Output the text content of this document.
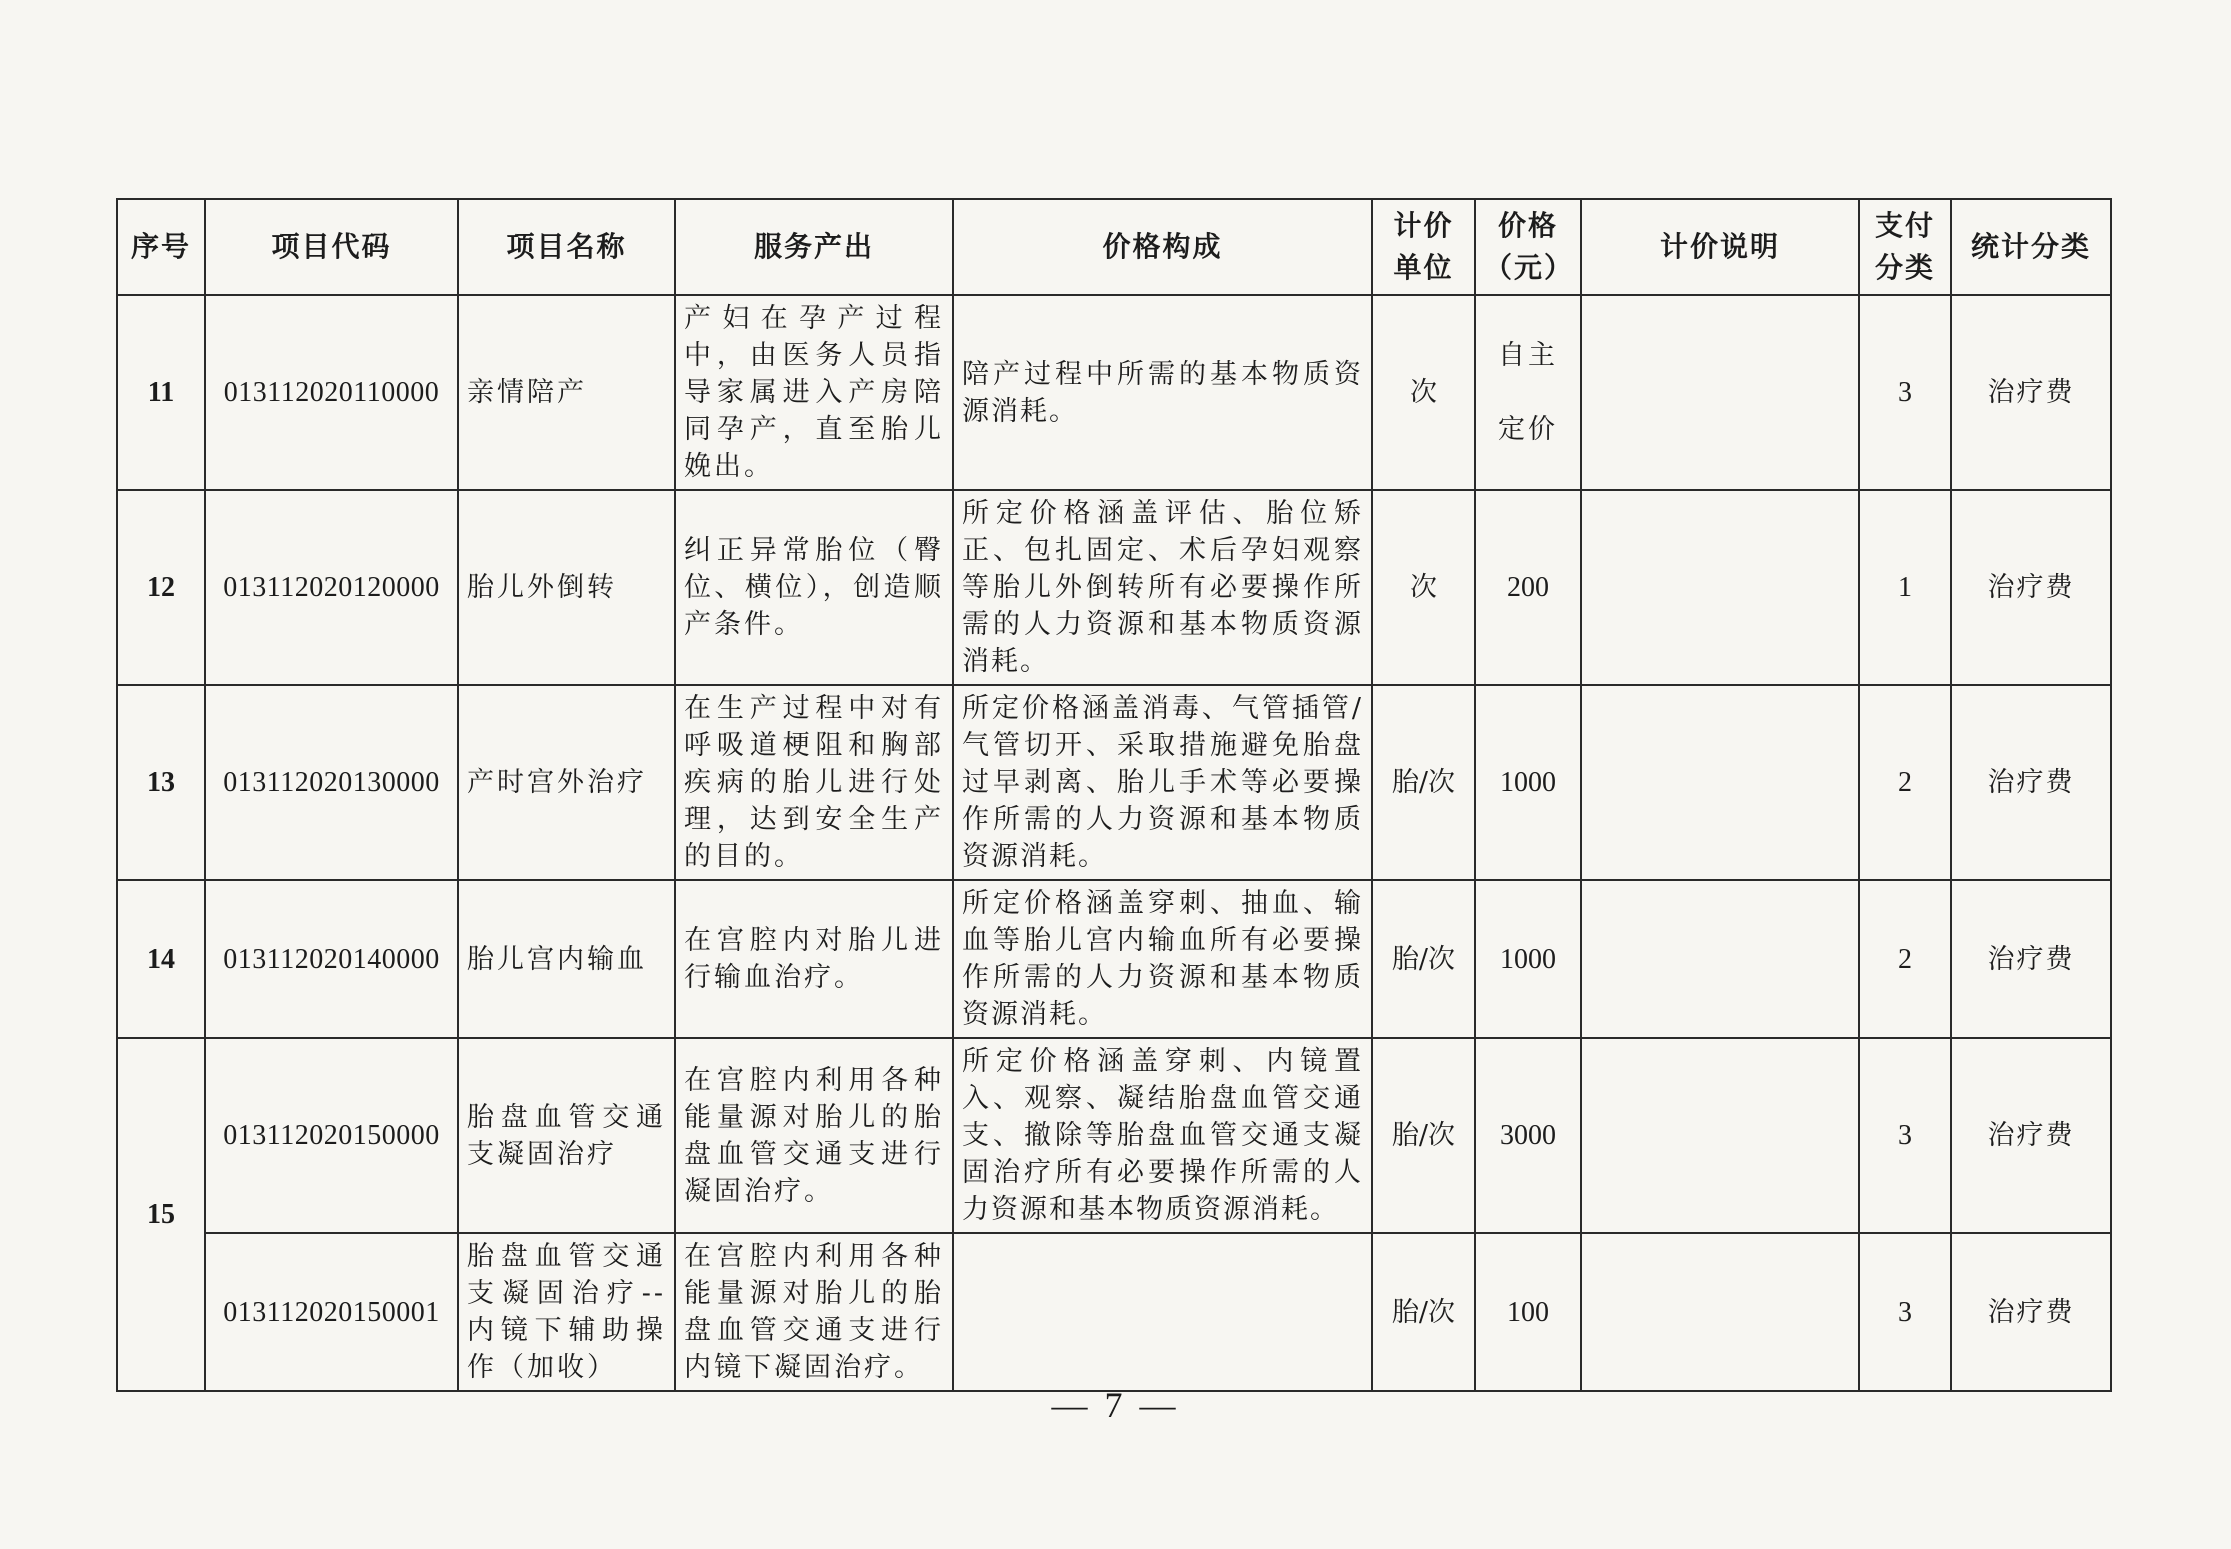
序号	项目代码	项目名称	服务产出	价格构成	计价单位	价格（元）	计价说明	支付分类	统计分类
11	013112020110000	亲情陪产	产妇在孕产过程中，由医务人员指导家属进入产房陪同孕产，直至胎儿娩出。	陪产过程中所需的基本物质资源消耗。	次	自主定价		3	治疗费
12	013112020120000	胎儿外倒转	纠正异常胎位（臀位、横位），创造顺产条件。	所定价格涵盖评估、胎位矫正、包扎固定、术后孕妇观察等胎儿外倒转所有必要操作所需的人力资源和基本物质资源消耗。	次	200		1	治疗费
13	013112020130000	产时宫外治疗	在生产过程中对有呼吸道梗阻和胸部疾病的胎儿进行处理，达到安全生产的目的。	所定价格涵盖消毒、气管插管/气管切开、采取措施避免胎盘过早剥离、胎儿手术等必要操作所需的人力资源和基本物质资源消耗。	胎/次	1000		2	治疗费
14	013112020140000	胎儿宫内输血	在宫腔内对胎儿进行输血治疗。	所定价格涵盖穿刺、抽血、输血等胎儿宫内输血所有必要操作所需的人力资源和基本物质资源消耗。	胎/次	1000		2	治疗费
15	013112020150000	胎盘血管交通支凝固治疗	在宫腔内利用各种能量源对胎儿的胎盘血管交通支进行凝固治疗。	所定价格涵盖穿刺、内镜置入、观察、凝结胎盘血管交通支、撤除等胎盘血管交通支凝固治疗所有必要操作所需的人力资源和基本物质资源消耗。	胎/次	3000		3	治疗费
	013112020150001	胎盘血管交通支凝固治疗--内镜下辅助操作（加收）	在宫腔内利用各种能量源对胎儿的胎盘血管交通支进行内镜下凝固治疗。		胎/次	100		3	治疗费
— 7 —
